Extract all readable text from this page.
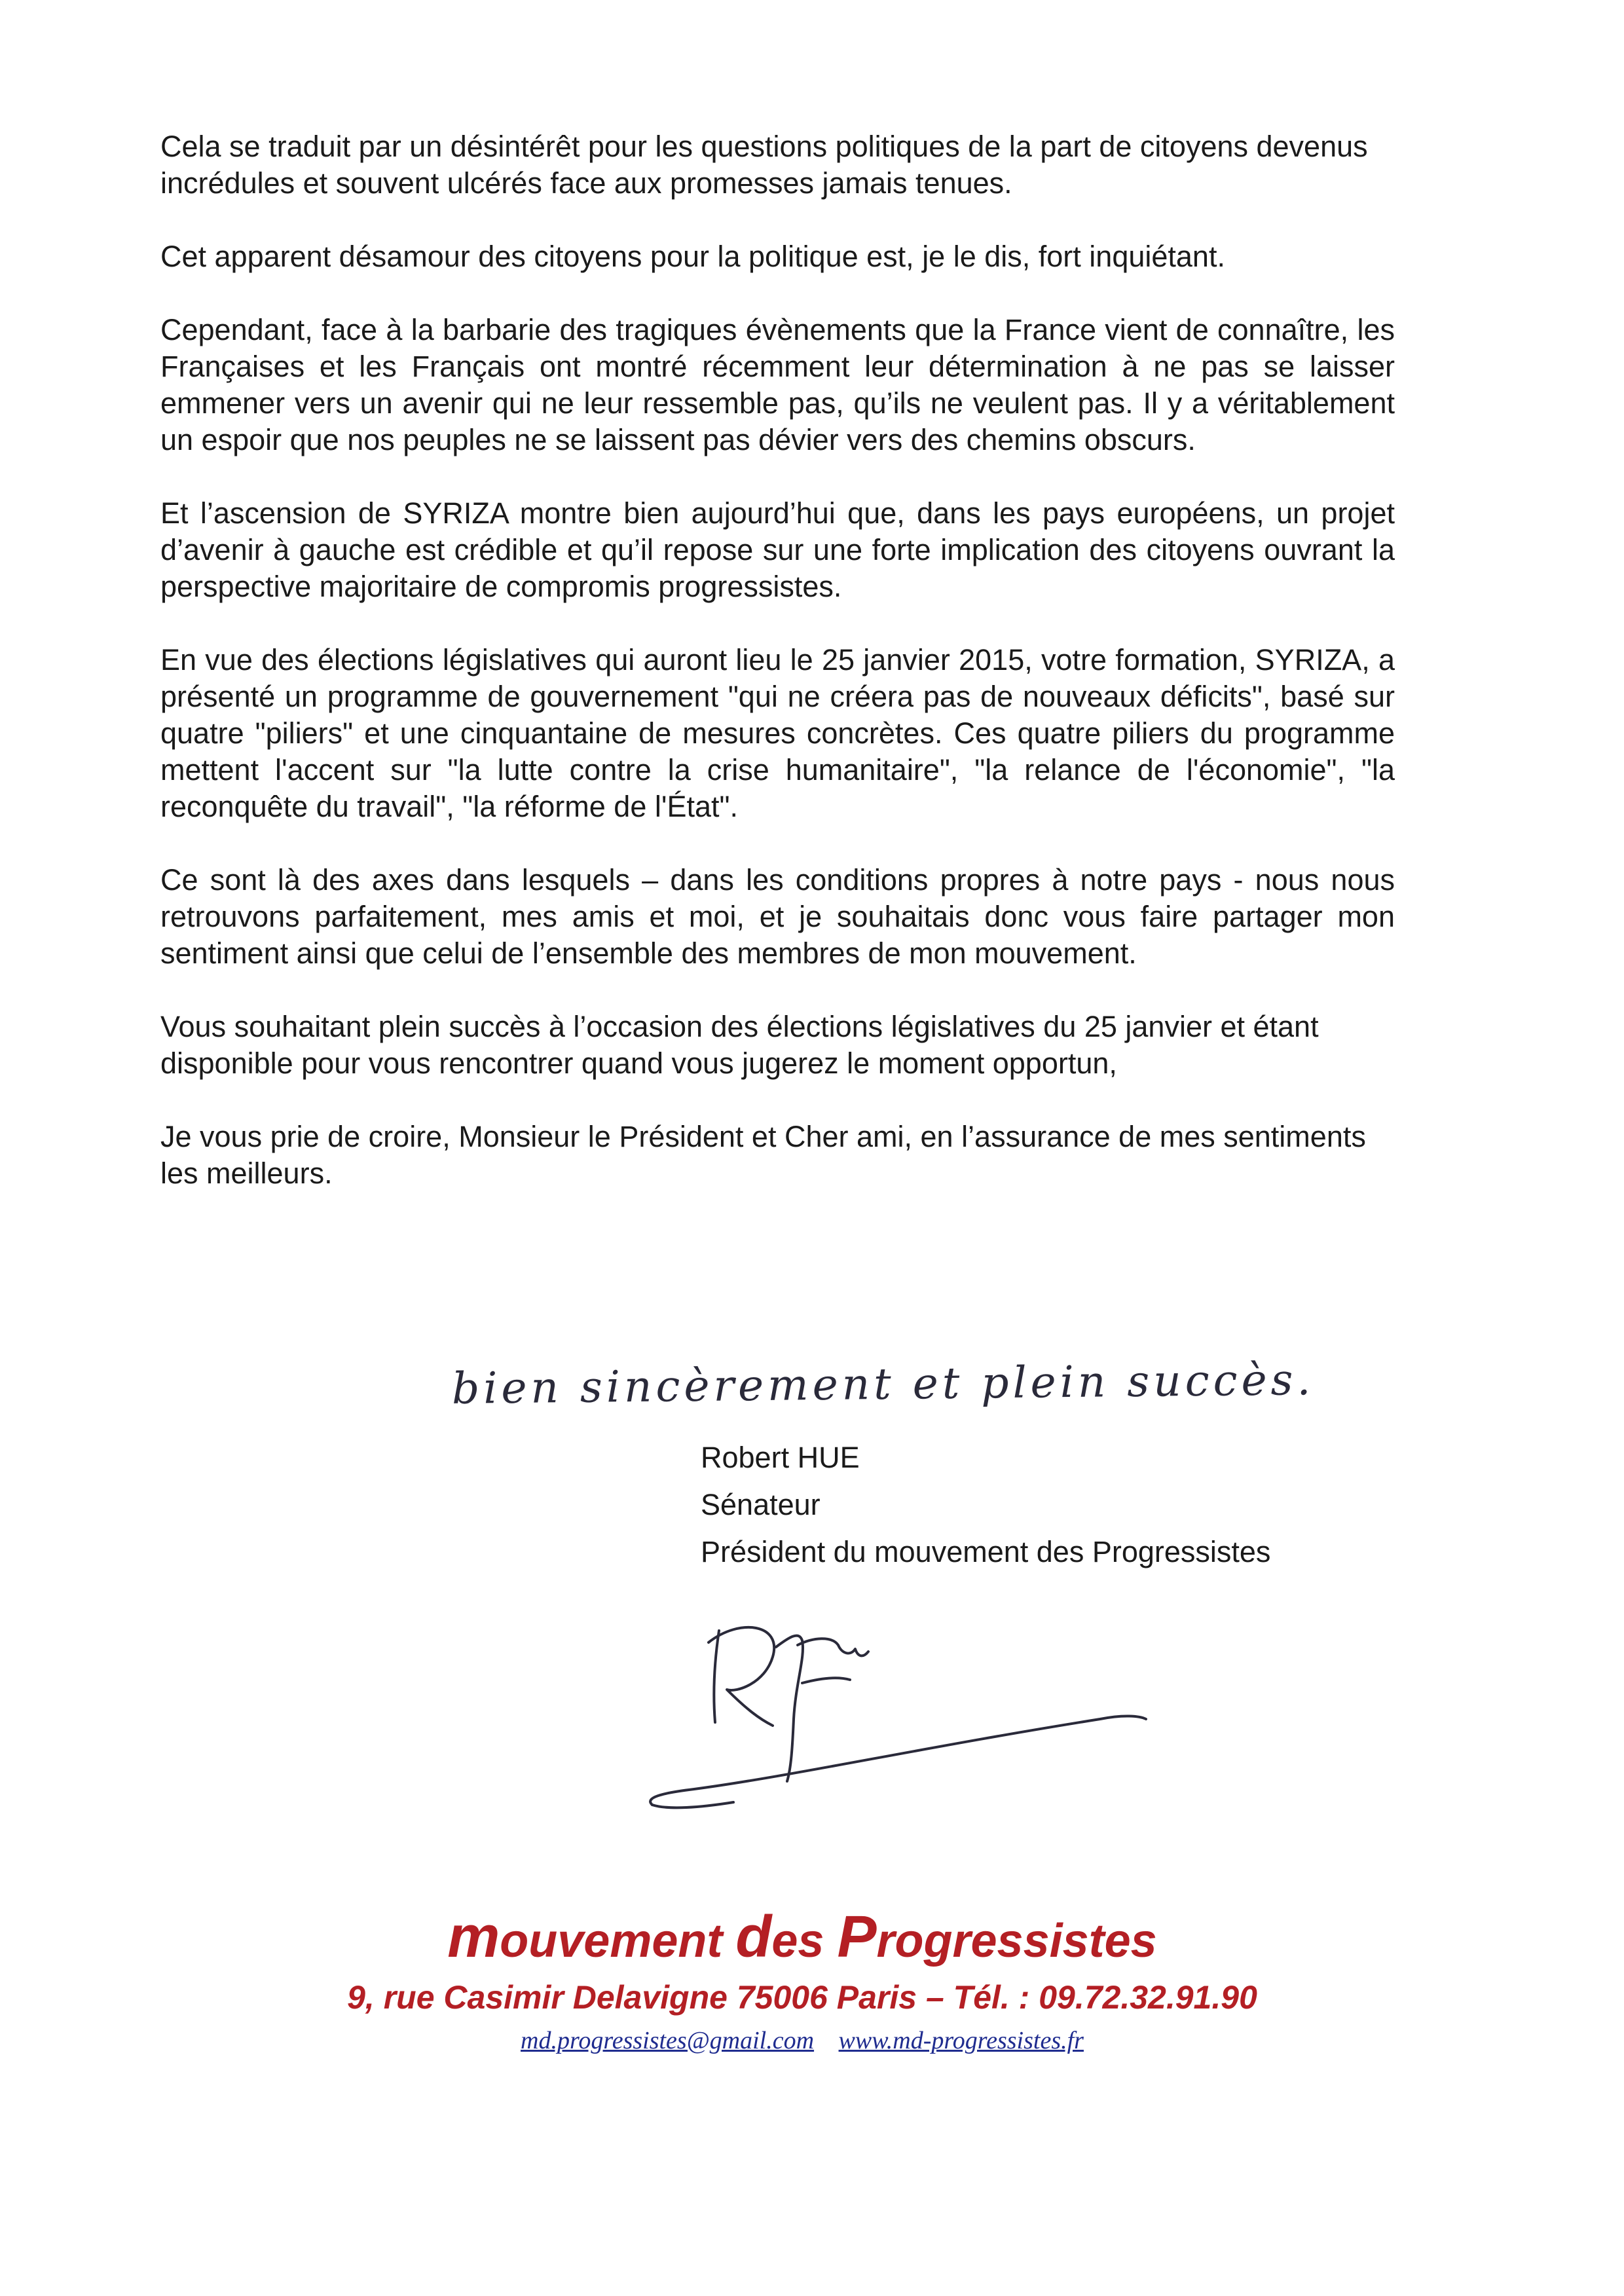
Cela se traduit par un désintérêt pour les questions politiques de la part de citoyens devenus incrédules et souvent ulcérés face aux promesses jamais tenues.

Cet apparent désamour des citoyens pour la politique est, je le dis, fort inquiétant.

Cependant, face à la barbarie des tragiques évènements que la France vient de connaître, les Françaises et les Français ont montré récemment leur détermination à ne pas se laisser emmener vers un avenir qui ne leur ressemble pas, qu’ils ne veulent pas. Il y a véritablement un espoir que nos peuples ne se laissent pas dévier vers des chemins obscurs.

Et l’ascension de SYRIZA montre bien aujourd’hui que, dans les pays européens, un projet d’avenir à gauche est crédible et qu’il repose sur une forte implication des citoyens ouvrant la perspective majoritaire de compromis progressistes.

En vue des élections législatives qui auront lieu le 25 janvier 2015, votre formation, SYRIZA, a présenté un programme de gouvernement "qui ne créera pas de nouveaux déficits", basé sur quatre "piliers" et une cinquantaine de mesures concrètes. Ces quatre piliers du programme mettent l'accent sur "la lutte contre la crise humanitaire", "la relance de l'économie", "la reconquête du travail", "la réforme de l'État".

Ce sont là des axes dans lesquels – dans les conditions propres à notre pays - nous nous retrouvons parfaitement, mes amis et moi, et je souhaitais donc vous faire partager mon sentiment ainsi que celui de l’ensemble des membres de mon mouvement.

Vous souhaitant plein succès à l’occasion des élections législatives du 25 janvier et étant disponible pour vous rencontrer quand vous jugerez le moment opportun,

Je vous prie de croire, Monsieur le Président et Cher ami, en l’assurance de mes sentiments les meilleurs.

bien sincèrement et plein succès.
Robert HUE
Sénateur
Président du mouvement des Progressistes
mouvement des Progressistes
9, rue Casimir Delavigne 75006 Paris – Tél. : 09.72.32.91.90
md.progressistes@gmail.com www.md-progressistes.fr
